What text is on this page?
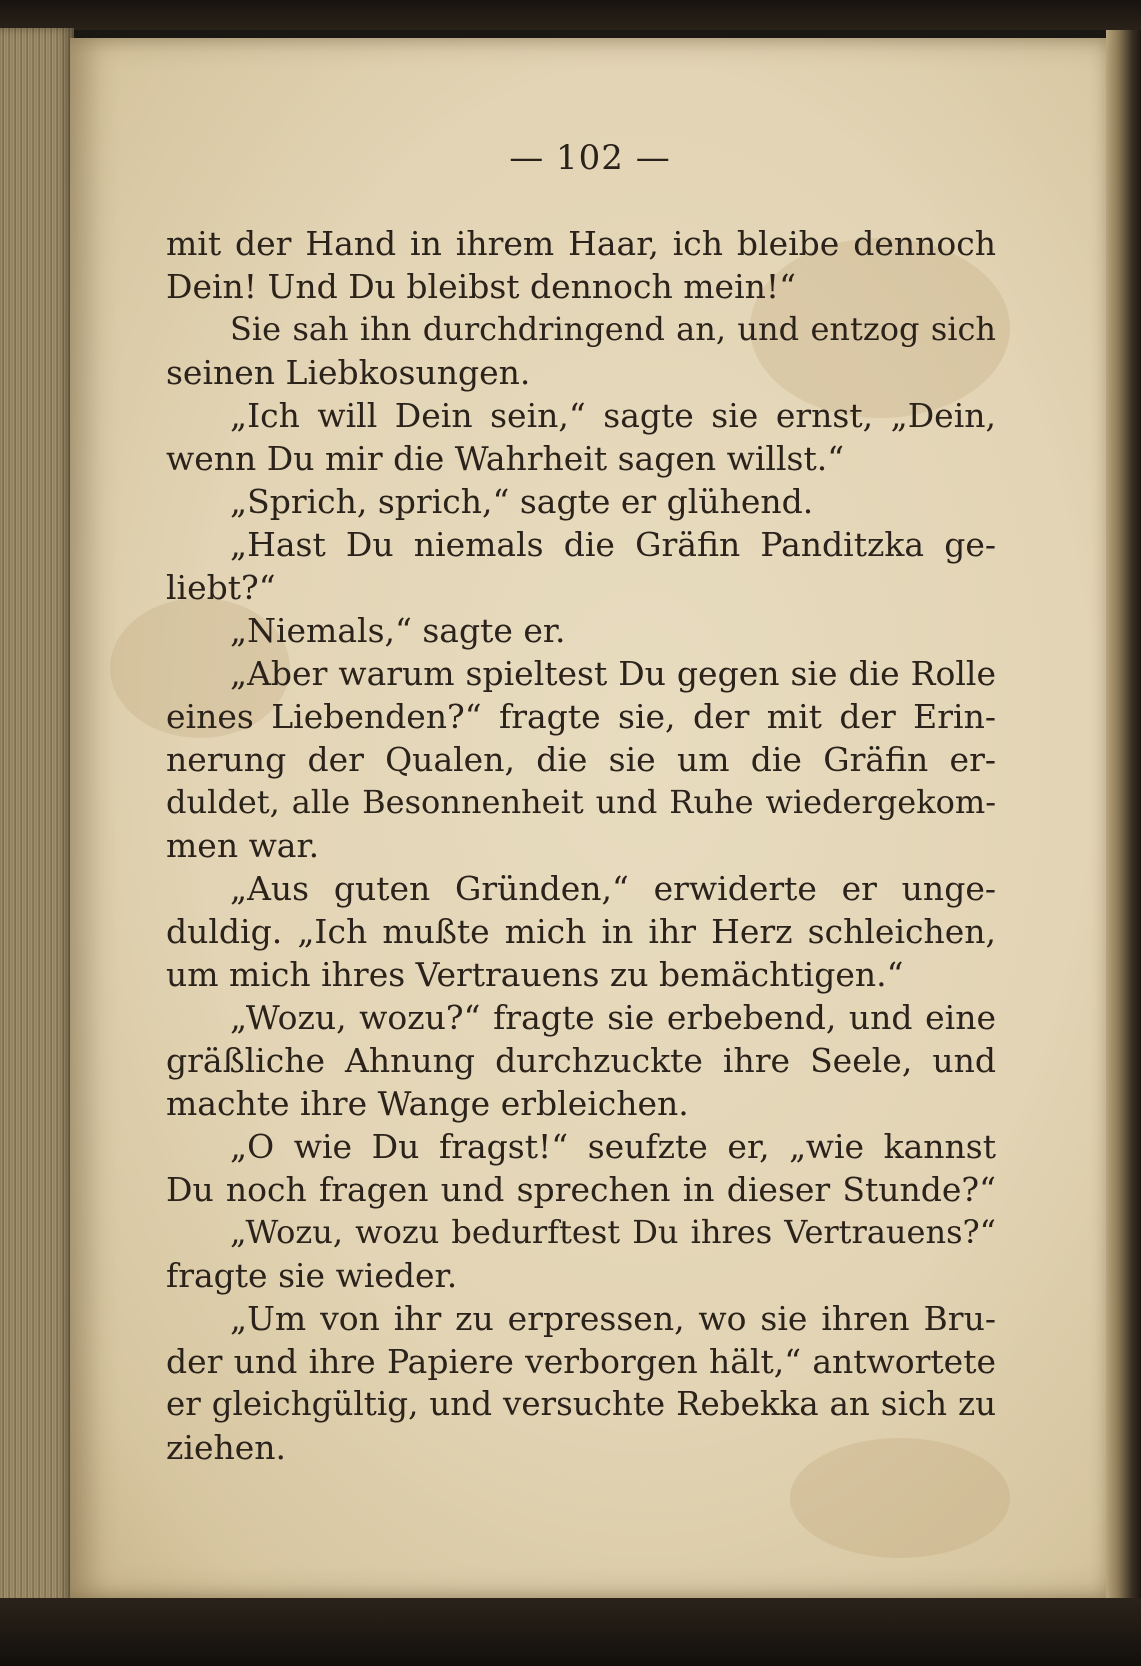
— 102 —
mit der Hand in ihrem Haar, ich bleibe dennoch
Dein! Und Du bleibst dennoch mein!“
Sie sah ihn durchdringend an, und entzog sich
seinen Liebkosungen.
„Ich will Dein sein,“ sagte sie ernst, „Dein,
wenn Du mir die Wahrheit sagen willst.“
„Sprich, sprich,“ sagte er glühend.
„Hast Du niemals die Gräfin Panditzka ge-
liebt?“
„Niemals,“ sagte er.
„Aber warum spieltest Du gegen sie die Rolle
eines Liebenden?“ fragte sie, der mit der Erin-
nerung der Qualen, die sie um die Gräfin er-
duldet, alle Besonnenheit und Ruhe wiedergekom-
men war.
„Aus guten Gründen,“ erwiderte er unge-
duldig. „Ich mußte mich in ihr Herz schleichen,
um mich ihres Vertrauens zu bemächtigen.“
„Wozu, wozu?“ fragte sie erbebend, und eine
gräßliche Ahnung durchzuckte ihre Seele, und
machte ihre Wange erbleichen.
„O wie Du fragst!“ seufzte er, „wie kannst
Du noch fragen und sprechen in dieser Stunde?“
„Wozu, wozu bedurftest Du ihres Vertrauens?“
fragte sie wieder.
„Um von ihr zu erpressen, wo sie ihren Bru-
der und ihre Papiere verborgen hält,“ antwortete
er gleichgültig, und versuchte Rebekka an sich zu
ziehen.
